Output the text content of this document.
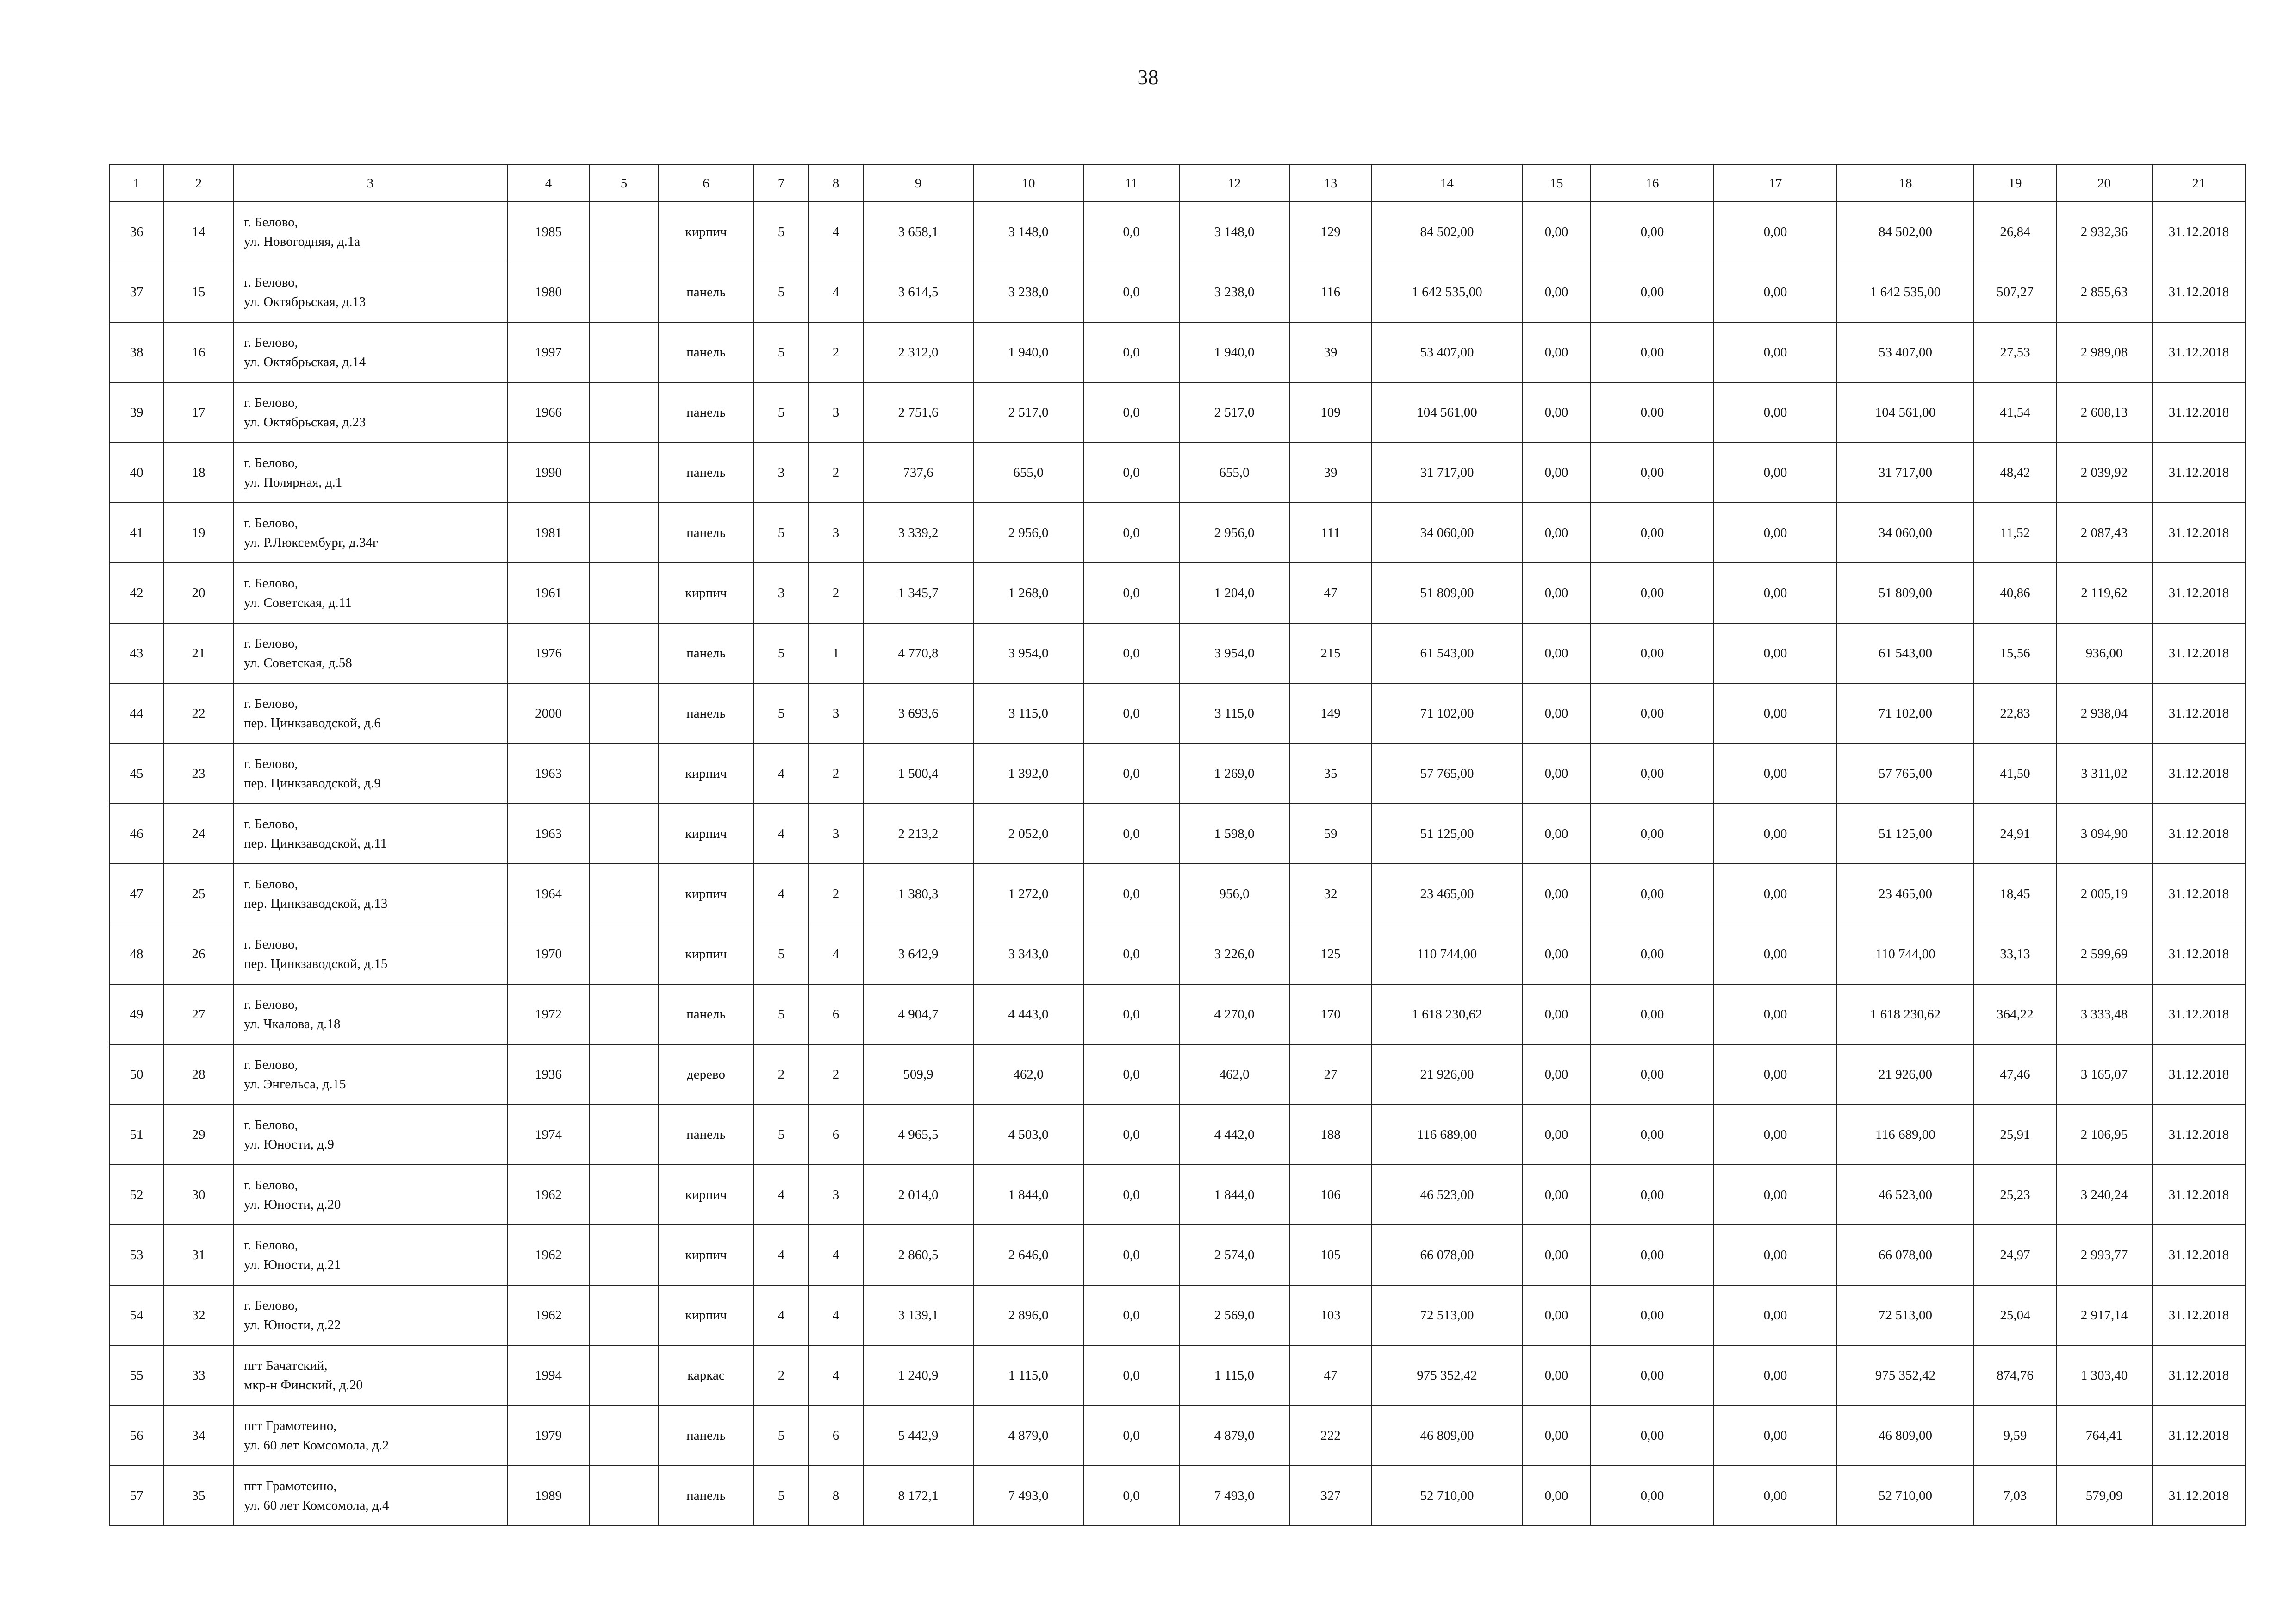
38
1	2	3	4	5	6	7	8	9	10	11	12	13	14	15	16	17	18	19	20	21
36	14	г. Белово,
ул. Новогодняя, д.1а	1985		кирпич	5	4	3 658,1	3 148,0	0,0	3 148,0	129	84 502,00	0,00	0,00	0,00	84 502,00	26,84	2 932,36	31.12.2018
37	15	г. Белово,
ул. Октябрьская, д.13	1980		панель	5	4	3 614,5	3 238,0	0,0	3 238,0	116	1 642 535,00	0,00	0,00	0,00	1 642 535,00	507,27	2 855,63	31.12.2018
38	16	г. Белово,
ул. Октябрьская, д.14	1997		панель	5	2	2 312,0	1 940,0	0,0	1 940,0	39	53 407,00	0,00	0,00	0,00	53 407,00	27,53	2 989,08	31.12.2018
39	17	г. Белово,
ул. Октябрьская, д.23	1966		панель	5	3	2 751,6	2 517,0	0,0	2 517,0	109	104 561,00	0,00	0,00	0,00	104 561,00	41,54	2 608,13	31.12.2018
40	18	г. Белово,
ул. Полярная, д.1	1990		панель	3	2	737,6	655,0	0,0	655,0	39	31 717,00	0,00	0,00	0,00	31 717,00	48,42	2 039,92	31.12.2018
41	19	г. Белово,
ул. Р.Люксембург, д.34г	1981		панель	5	3	3 339,2	2 956,0	0,0	2 956,0	111	34 060,00	0,00	0,00	0,00	34 060,00	11,52	2 087,43	31.12.2018
42	20	г. Белово,
ул. Советская, д.11	1961		кирпич	3	2	1 345,7	1 268,0	0,0	1 204,0	47	51 809,00	0,00	0,00	0,00	51 809,00	40,86	2 119,62	31.12.2018
43	21	г. Белово,
ул. Советская, д.58	1976		панель	5	1	4 770,8	3 954,0	0,0	3 954,0	215	61 543,00	0,00	0,00	0,00	61 543,00	15,56	936,00	31.12.2018
44	22	г. Белово,
пер. Цинкзаводской, д.6	2000		панель	5	3	3 693,6	3 115,0	0,0	3 115,0	149	71 102,00	0,00	0,00	0,00	71 102,00	22,83	2 938,04	31.12.2018
45	23	г. Белово,
пер. Цинкзаводской, д.9	1963		кирпич	4	2	1 500,4	1 392,0	0,0	1 269,0	35	57 765,00	0,00	0,00	0,00	57 765,00	41,50	3 311,02	31.12.2018
46	24	г. Белово,
пер. Цинкзаводской, д.11	1963		кирпич	4	3	2 213,2	2 052,0	0,0	1 598,0	59	51 125,00	0,00	0,00	0,00	51 125,00	24,91	3 094,90	31.12.2018
47	25	г. Белово,
пер. Цинкзаводской, д.13	1964		кирпич	4	2	1 380,3	1 272,0	0,0	956,0	32	23 465,00	0,00	0,00	0,00	23 465,00	18,45	2 005,19	31.12.2018
48	26	г. Белово,
пер. Цинкзаводской, д.15	1970		кирпич	5	4	3 642,9	3 343,0	0,0	3 226,0	125	110 744,00	0,00	0,00	0,00	110 744,00	33,13	2 599,69	31.12.2018
49	27	г. Белово,
ул. Чкалова, д.18	1972		панель	5	6	4 904,7	4 443,0	0,0	4 270,0	170	1 618 230,62	0,00	0,00	0,00	1 618 230,62	364,22	3 333,48	31.12.2018
50	28	г. Белово,
ул. Энгельса, д.15	1936		дерево	2	2	509,9	462,0	0,0	462,0	27	21 926,00	0,00	0,00	0,00	21 926,00	47,46	3 165,07	31.12.2018
51	29	г. Белово,
ул. Юности, д.9	1974		панель	5	6	4 965,5	4 503,0	0,0	4 442,0	188	116 689,00	0,00	0,00	0,00	116 689,00	25,91	2 106,95	31.12.2018
52	30	г. Белово,
ул. Юности, д.20	1962		кирпич	4	3	2 014,0	1 844,0	0,0	1 844,0	106	46 523,00	0,00	0,00	0,00	46 523,00	25,23	3 240,24	31.12.2018
53	31	г. Белово,
ул. Юности, д.21	1962		кирпич	4	4	2 860,5	2 646,0	0,0	2 574,0	105	66 078,00	0,00	0,00	0,00	66 078,00	24,97	2 993,77	31.12.2018
54	32	г. Белово,
ул. Юности, д.22	1962		кирпич	4	4	3 139,1	2 896,0	0,0	2 569,0	103	72 513,00	0,00	0,00	0,00	72 513,00	25,04	2 917,14	31.12.2018
55	33	пгт Бачатский,
мкр-н Финский, д.20	1994		каркас	2	4	1 240,9	1 115,0	0,0	1 115,0	47	975 352,42	0,00	0,00	0,00	975 352,42	874,76	1 303,40	31.12.2018
56	34	пгт Грамотеино,
ул. 60 лет Комсомола, д.2	1979		панель	5	6	5 442,9	4 879,0	0,0	4 879,0	222	46 809,00	0,00	0,00	0,00	46 809,00	9,59	764,41	31.12.2018
57	35	пгт Грамотеино,
ул. 60 лет Комсомола, д.4	1989		панель	5	8	8 172,1	7 493,0	0,0	7 493,0	327	52 710,00	0,00	0,00	0,00	52 710,00	7,03	579,09	31.12.2018
